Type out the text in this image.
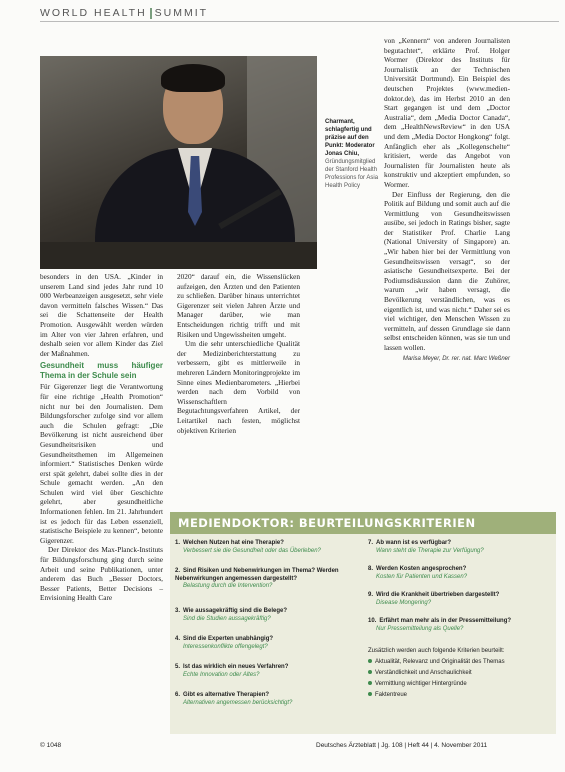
WORLD HEALTH SUMMIT
Charmant, schlagfertig und präzise auf den Punkt: Moderator Jonas Chiu,
Gründungsmitglied der Stanford Health Professions for Asia Health Policy

besonders in den USA. „Kinder in unserem Land sind jedes Jahr rund 10 000 Werbeanzeigen ausgesetzt, sehr viele davon vermitteln falsches Wissen.“ Das sei die Schattenseite der Health Promotion. Ausgewählt werden würden im Alter von vier Jahren erfahren, und deshalb seien vor allem Kinder das Ziel der Maßnahmen.

Gesundheit muss häufiger Thema in der Schule sein

Für Gigerenzer liegt die Verantwortung für eine richtige „Health Promotion“ nicht nur bei den Journalisten. Dem Bildungsforscher zufolge sind vor allem auch die Schulen gefragt: „Die Bevölkerung ist nicht ausreichend über Gesundheitsrisiken und Gesundheitsthemen im Allgemeinen informiert.“ Statistisches Denken würde erst spät gelehrt, dabei sollte dies in der Schule gemacht werden. „An den Schulen wird viel über Geschichte gelehrt, aber gesundheitliche Informationen fehlen. Im 21. Jahrhundert ist es jedoch für das Leben essenziell, statistische Beispiele zu kennen“, betonte Gigerenzer.

Der Direktor des Max-Planck-Instituts für Bildungsforschung ging durch seine Arbeit und seine Publikationen, unter anderem das Buch „Besser Doctors, Besser Patients, Better Decisions – Envisioning Health Care

2020“ darauf ein, die Wissenslücken aufzeigen, den Ärzten und den Patienten zu schließen. Darüber hinaus unterrichtet Gigerenzer seit vielen Jahren Ärzte und Manager darüber, wie man Entscheidungen richtig trifft und mit Risiken und Ungewissheiten umgeht.

Um die sehr unterschiedliche Qualität der Medizinberichterstattung zu verbessern, gibt es mittlerweile in mehreren Ländern Monitoringprojekte im Sinne eines Medienbarometers. „Hierbei werden nach dem Vorbild von Wissenschaftlern Begutachtungsverfahren Artikel, der Leitartikel nach festen, möglichst objektiven Kriterien

von „Kennern“ von anderen Journalisten begutachtet“, erklärte Prof. Holger Wormer (Direktor des Instituts für Journalistik an der Technischen Universität Dortmund). Ein Beispiel des deutschen Projektes (www.medien-doktor.de), das im Herbst 2010 an den Start gegangen ist und dem „Doctor Australia“, dem „Media Doctor Canada“, dem „HealthNewsReview“ in den USA und dem „Media Doctor Hongkong“ folgt. Anfänglich eher als „Kollegenschelte“ kritisiert, werde das Angebot von Journalisten für Journalisten heute als konstruktiv und akzeptiert empfunden, so Wormer.

Der Einfluss der Regierung, den die Politik auf Bildung und somit auch auf die Vermittlung von Gesundheitswissen ausübe, sei jedoch in Ratings bisher, sagte der Statistiker Prof. Charlie Lang (National University of Singapore) an. „Wir haben hier bei der Vermittlung von Gesundheitswissen versagt“, so der asiatische Gesundheitsexperte. Bei der Podiumsdiskussion dann die Zuhörer, warum „wir haben versagt, die Bevölkerung verständlichen, was es eigentlich ist, und was nicht.“ Daher sei es viel wichtiger, den Menschen Wissen zu vermitteln, auf dessen Grundlage sie dann selbst entscheiden können, was sie tun und lassen wollen.

Marisa Meyer, Dr. rer. nat. Marc Weßner
MEDIENDOKTOR: BEURTEILUNGSKRITERIEN
1. Welchen Nutzen hat eine Therapie?
Verbessert sie die Gesundheit oder das Überleben?
2. Sind Risiken und Nebenwirkungen im Thema? Werden Nebenwirkungen angemessen dargestellt?
Belastung durch die Intervention?
3. Wie aussagekräftig sind die Belege?
Sind die Studien aussagekräftig?
4. Sind die Experten unabhängig?
Interessenkonflikte offengelegt?
5. Ist das wirklich ein neues Verfahren?
Echte Innovation oder Altes?
6. Gibt es alternative Therapien?
Alternativen angemessen berücksichtigt?
7. Ab wann ist es verfügbar?
Wann steht die Therapie zur Verfügung?
8. Werden Kosten angesprochen?
Kosten für Patienten und Kassen?
9. Wird die Krankheit übertrieben dargestellt?
Disease Mongering?
10. Erfährt man mehr als in der Pressemitteilung?
Nur Pressemitteilung als Quelle?
Zusätzlich werden auch folgende Kriterien beurteilt:
Aktualität, Relevanz und Originalität des Themas
Verständlichkeit und Anschaulichkeit
Vermittlung wichtiger Hintergründe
Faktentreue
© 1048	Deutsches Ärzteblatt | Jg. 108 | Heft 44 | 4. November 2011
